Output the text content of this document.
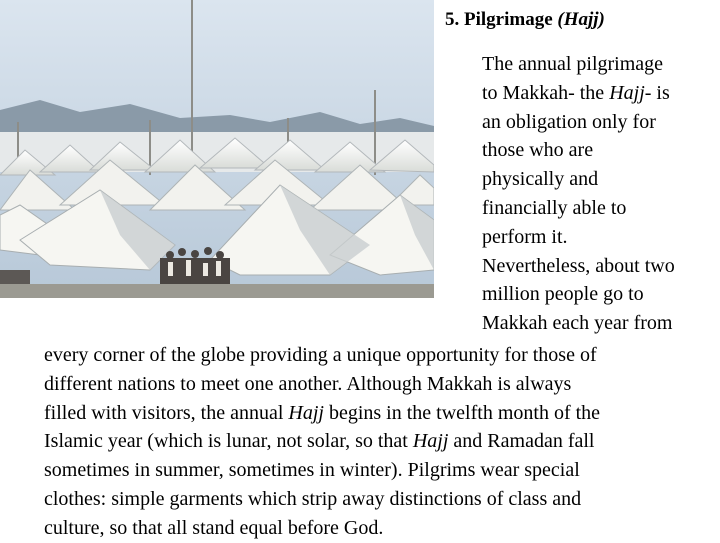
5. Pilgrimage (Hajj)
The annual pilgrimage
to Makkah- the Hajj- is
an obligation only for
those who are
physically and
financially able to
perform it.
Nevertheless, about two
million people go to
Makkah each year from
every corner of the globe providing a unique opportunity for those of
different nations to meet one another. Although Makkah is always
filled with visitors, the annual Hajj begins in the twelfth month of the
Islamic year (which is lunar, not solar, so that Hajj and Ramadan fall
sometimes in summer, sometimes in winter). Pilgrims wear special
clothes: simple garments which strip away distinctions of class and
culture, so that all stand equal before God.
